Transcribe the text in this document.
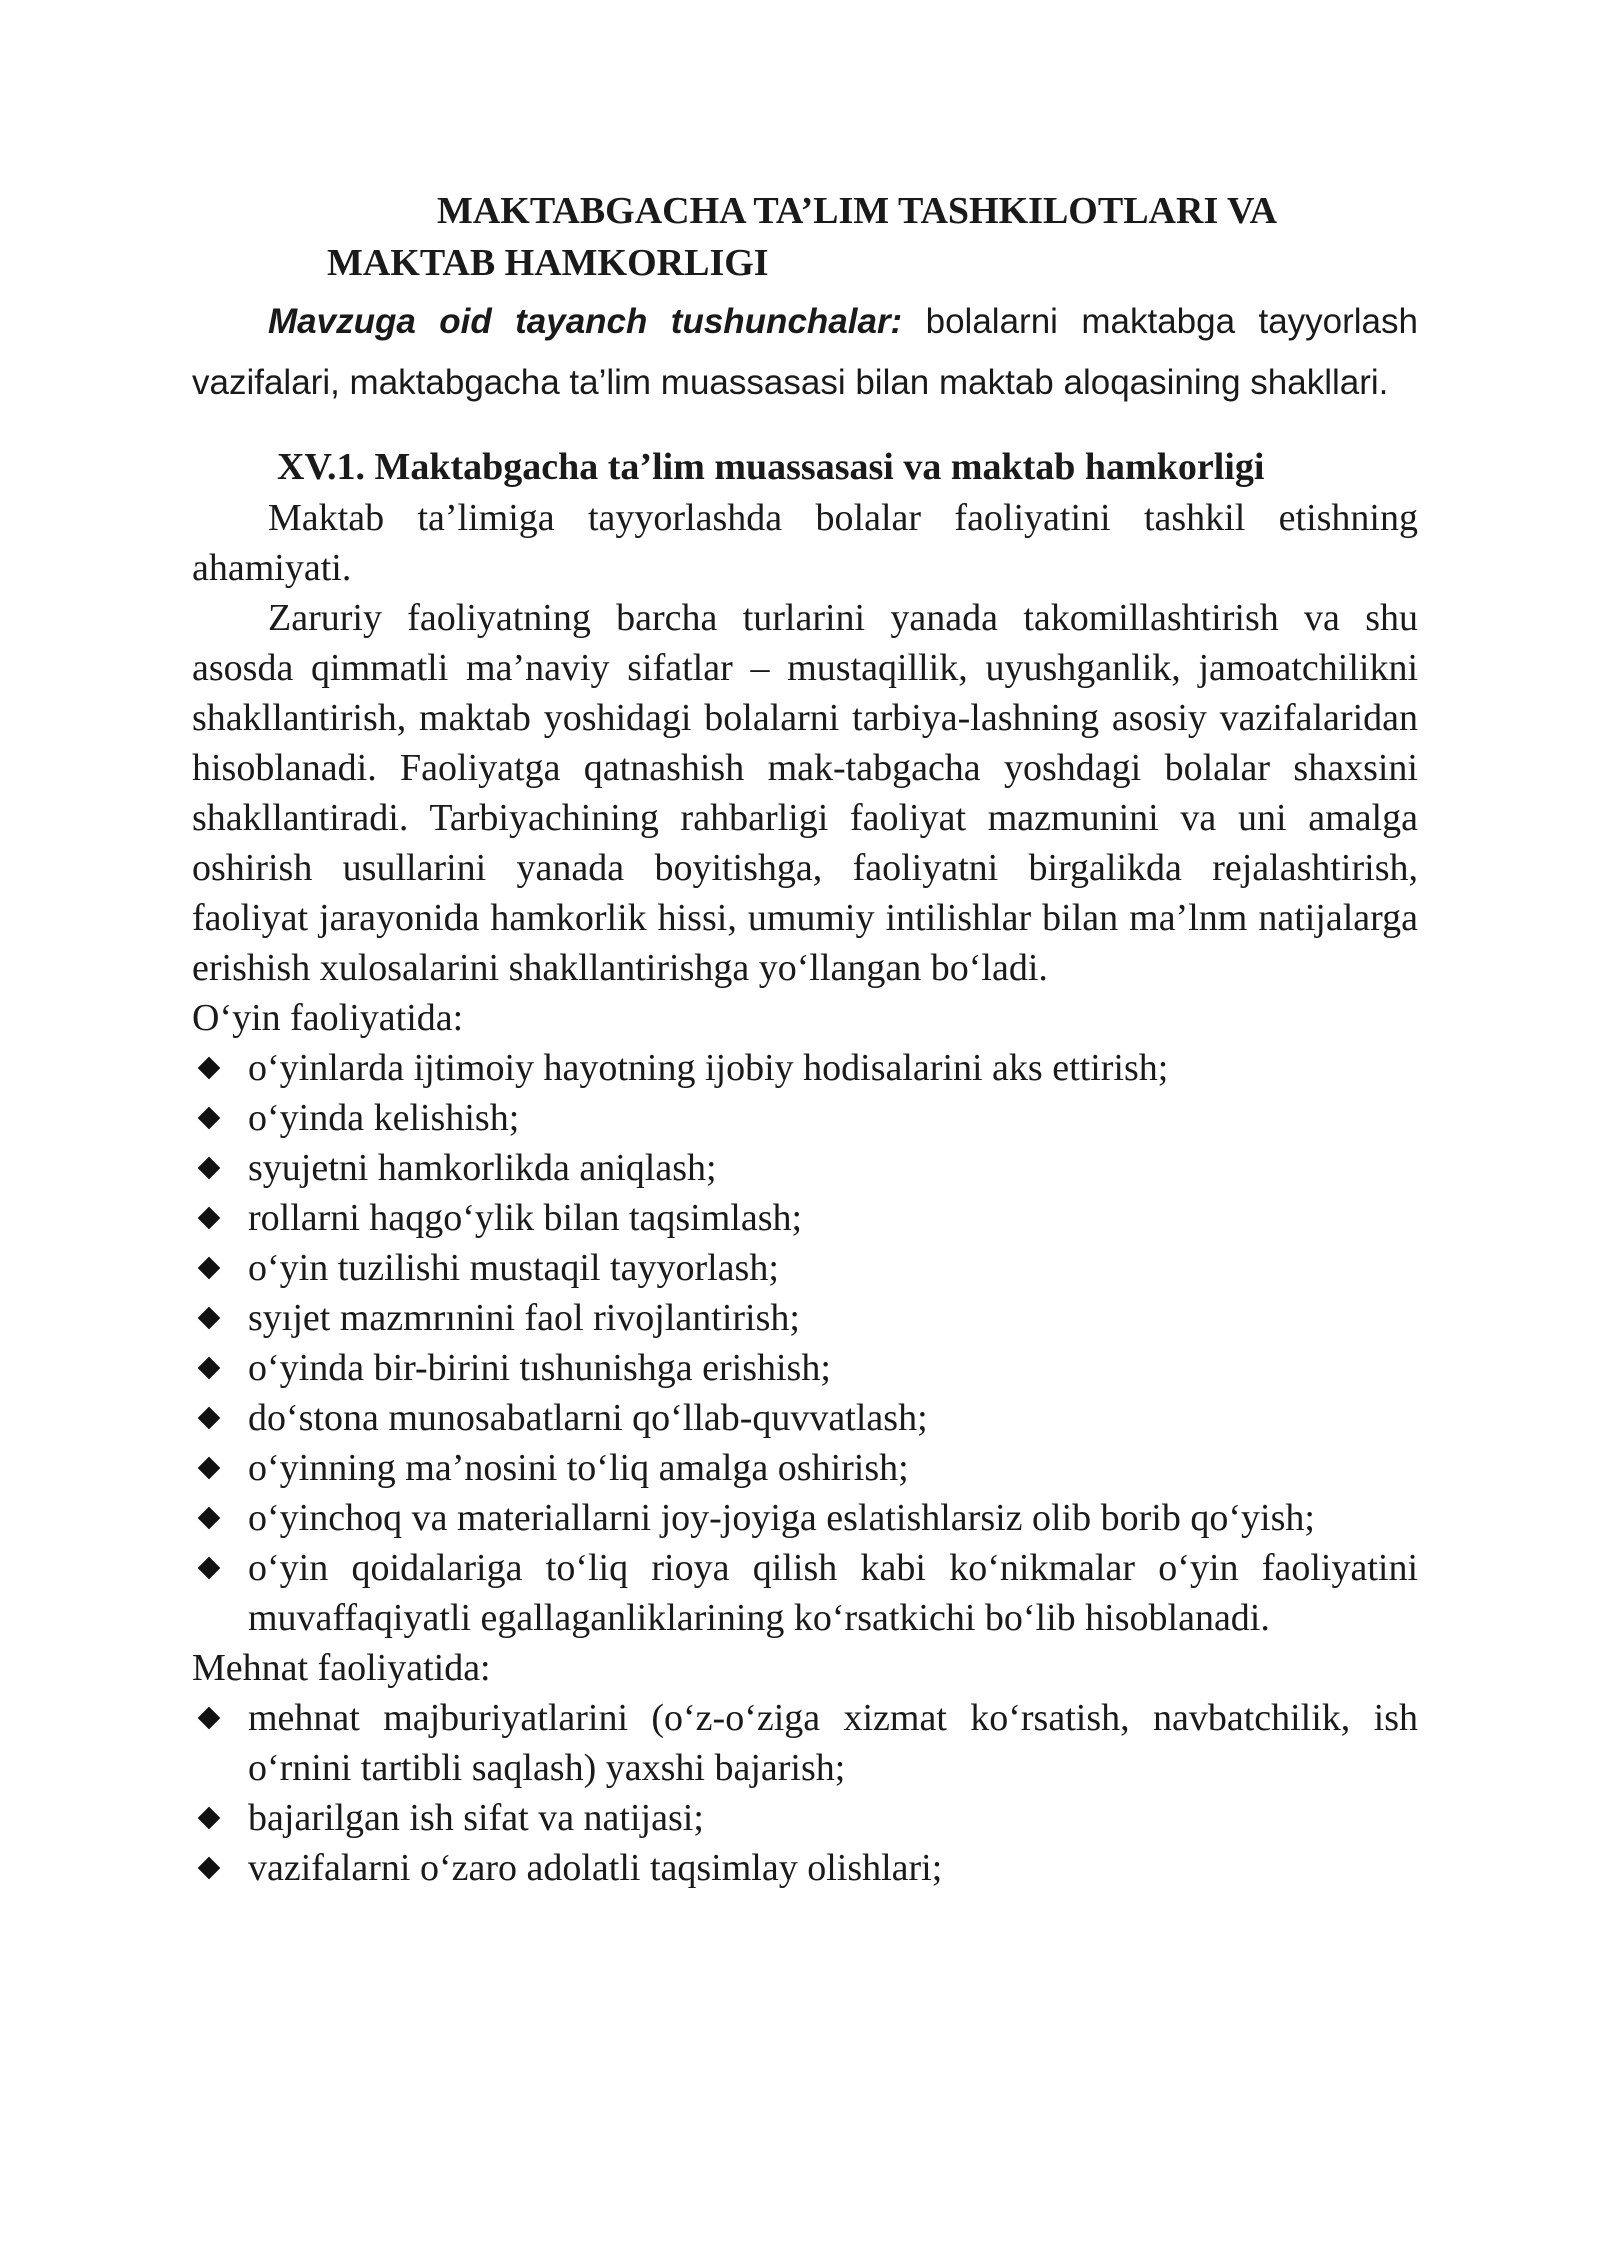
MAKTABGACHA TA’LIM TASHKILOTLARI VA
MAKTAB HAMKORLIGI

Mavzuga oid tayanch tushunchalar: bolalarni maktabga tayyorlash vazifalari, maktabgacha ta’lim muassasasi bilan maktab aloqasining shakllari.

XV.1. Maktabgacha ta’lim muassasasi va maktab hamkorligi

Maktab ta’limiga tayyorlashda bolalar faoliyatini tashkil etishning ahamiyati.

Zaruriy faoliyatning barcha turlarini yanada takomillashtirish va shu asosda qimmatli ma’naviy sifatlar – mustaqillik, uyushganlik, jamoatchilikni shakllantirish, maktab yoshidagi bolalarni tarbiya-lashning asosiy vazifalaridan hisoblanadi. Faoliyatga qatnashish mak-tabgacha yoshdagi bolalar shaxsini shakllantiradi. Tarbiyachining rahbarligi faoliyat mazmunini va uni amalga oshirish usullarini yanada boyitishga, faoliyatni birgalikda rejalashtirish, faoliyat jarayonida hamkorlik hissi, umumiy intilishlar bilan ma’lnm natijalarga erishish xulosalarini shakllantirishga yo‘llangan bo‘ladi.

O‘yin faoliyatida:

o‘yinlarda ijtimoiy hayotning ijobiy hodisalarini aks ettirish;
o‘yinda kelishish;
syujetni hamkorlikda aniqlash;
rollarni haqgo‘ylik bilan taqsimlash;
o‘yin tuzilishi mustaqil tayyorlash;
syıjet mazmrınini faol rivojlantirish;
o‘yinda bir-birini tıshunishga erishish;
do‘stona munosabatlarni qo‘llab-quvvatlash;
o‘yinning ma’nosini to‘liq amalga oshirish;
o‘yinchoq va materiallarni joy-joyiga eslatishlarsiz olib borib qo‘yish;
o‘yin qoidalariga to‘liq rioya qilish kabi ko‘nikmalar o‘yin faoliyatini muvaffaqiyatli egallaganliklarining ko‘rsatkichi bo‘lib hisoblanadi.

Mehnat faoliyatida:

mehnat majburiyatlarini (o‘z-o‘ziga xizmat ko‘rsatish, navbatchilik, ish o‘rnini tartibli saqlash) yaxshi bajarish;
bajarilgan ish sifat va natijasi;
vazifalarni o‘zaro adolatli taqsimlay olishlari;
